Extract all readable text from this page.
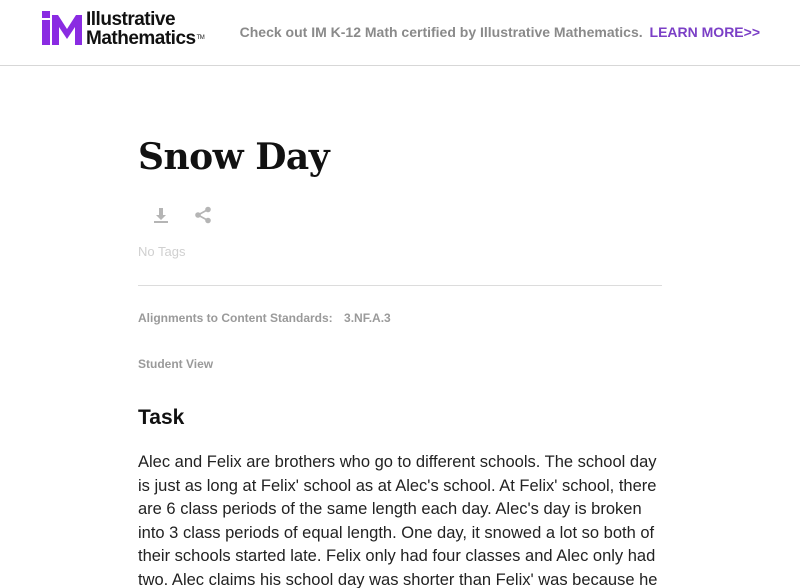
Illustrative
Mathematics™	Check out IM K-12 Math certified by Illustrative Mathematics. LEARN MORE>>
Snow Day
No Tags
Alignments to Content Standards: 3.NF.A.3
Student View
Task

Alec and Felix are brothers who go to different schools. The school day is just as long at Felix' school as at Alec's school. At Felix' school, there are 6 class periods of the same length each day. Alec's day is broken into 3 class periods of equal length. One day, it snowed a lot so both of their schools started late. Felix only had four classes and Alec only had two. Alec claims his school day was shorter than Felix' was because he
